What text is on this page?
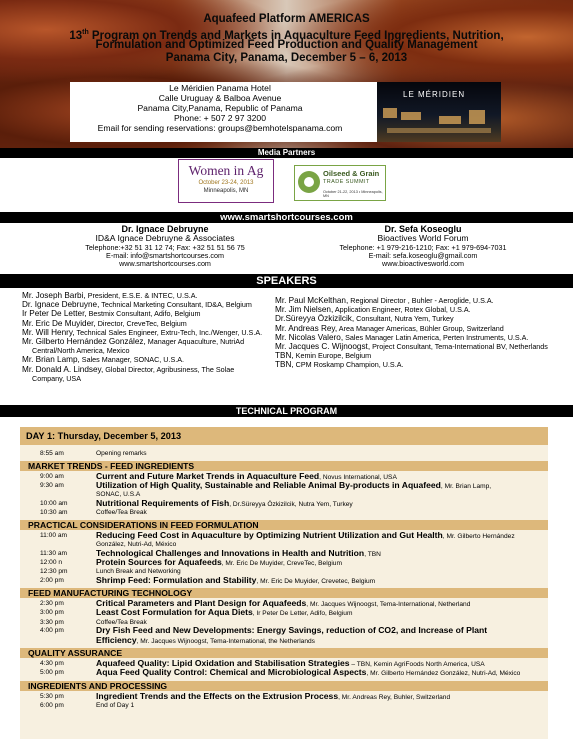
Aquafeed Platform AMERICAS
13th Program on Trends and Markets in Aquaculture Feed Ingredients, Nutrition,
Formulation and Optimized Feed Production and Quality Management
Panama City, Panama, December 5 – 6, 2013
Le Méridien Panama Hotel
Calle Uruguay & Balboa Avenue
Panama City,Panama, Republic of Panama
Phone: + 507 2 97 3200
Email for sending reservations: groups@bemhotelspanama.com
LE MÉRIDIEN
Media Partners
Women in Ag
October 23-24, 2013
Minneapolis, MN
Oilseed & Grain
TRADE SUMMIT
October 21-22, 2013 • Minneapolis, MN
www.smartshortcourses.com
Dr. Ignace Debruyne
ID&A Ignace Debruyne & Associates
Telephone:+32 51 31 12 74; Fax: +32 51 51 56 75
E-mail: info@smartshortcourses.com
www.smartshortcourses.com
Dr. Sefa Koseoglu
Bioactives World Forum
Telephone: +1 979-216-1210; Fax: +1 979-694-7031
E-mail: sefa.koseoglu@gmail.com
www.bioactivesworld.com
SPEAKERS
Mr. Joseph Barbi, President, E.S.E. & INTEC, U.S.A.
Dr. Ignace Debruyne, Technical Marketing Consultant, ID&A, Belgium
Ir Peter De Letter, Bestmix Consultant, Adifo, Belgium
Mr. Eric De Muyider, Director, CreveTec, Belgium
Mr. Will Henry, Technical Sales Engineer, Extru-Tech, Inc./Wenger, U.S.A.
Mr. Gilberto Hernández González, Manager Aquaculture, NutriAd
Central/North America, Mexico
Mr. Brian Lamp, Sales Manager, SONAC, U.S.A.
Mr. Donald A. Lindsey, Global Director, Agribusiness, The Solae
Company, USA
Mr. Paul McKelthan, Regional Director , Buhler - Aeroglide, U.S.A.
Mr. Jim Nielsen, Application Engineer, Rotex Global, U.S.A.
Dr.Süreyya Özkizilcik, Consultant, Nutra Yem, Turkey
Mr. Andreas Rey, Area Manager Americas, Bühler Group, Switzerland
Mr. Nicolas Valero, Sales Manager Latin America, Perten Instruments, U.S.A.
Mr. Jacques C. Wijnoogst, Project Consultant, Tema-International BV, Netherlands
TBN, Kemin Europe, Belgium
TBN, CPM Roskamp Champion, U.S.A.
TECHNICAL PROGRAM
DAY 1: Thursday, December 5, 2013
8:55 am	Opening remarks
MARKET TRENDS - FEED INGREDIENTS
9:00 am	Current and Future Market Trends in Aquaculture Feed, Novus International, USA
9:30 am	Utilization of High Quality, Sustainable and Reliable Animal By-products in Aquafeed, Mr. Brian Lamp,
SONAC, U.S.A
10:00 am	Nutritional Requirements of Fish, Dr.Süreyya Özkizilcik, Nutra Yem, Turkey
10:30 am	Coffee/Tea Break
PRACTICAL CONSIDERATIONS IN FEED FORMULATION
11:00 am	Reducing Feed Cost in Aquaculture by Optimizing Nutrient Utilization and Gut Health, Mr. Gilberto Hernández
González, Nutri-Ad, México
11:30 am	Technological Challenges and Innovations in Health and Nutrition, TBN
12:00 n	Protein Sources for Aquafeeds, Mr. Eric De Muyider, CreveTec, Belgium
12:30 pm	Lunch Break and Networking
2:00 pm	Shrimp Feed: Formulation and Stability, Mr. Eric De Muyider, Crevetec, Belgium
FEED MANUFACTURING TECHNOLOGY
2:30 pm	Critical Parameters and Plant Design for Aquafeeds, Mr. Jacques Wijnoogst, Tema-International, Netherland
3:00 pm	Least Cost Formulation for Aqua Diets, Ir Peter De Letter, Adifo, Belgium
3:30 pm	Coffee/Tea Break
4:00 pm	Dry Fish Feed and New Developments: Energy Savings, reduction of CO2, and Increase of Plant
Efficiency, Mr. Jacques Wijnoogst, Tema-International, the Netherlands
QUALITY ASSURANCE
4:30 pm	Aquafeed Quality: Lipid Oxidation and Stabilisation Strategies – TBN, Kemin AgriFoods North America, USA
5:00 pm	Aqua Feed Quality Control: Chemical and Microbiological Aspects, Mr. Gilberto Hernández González, Nutri-Ad, México
INGREDIENTS AND PROCESSING
5:30 pm	Ingredient Trends and the Effects on the Extrusion Process, Mr. Andreas Rey, Buhler, Switzerland
6:00 pm	End of Day 1
